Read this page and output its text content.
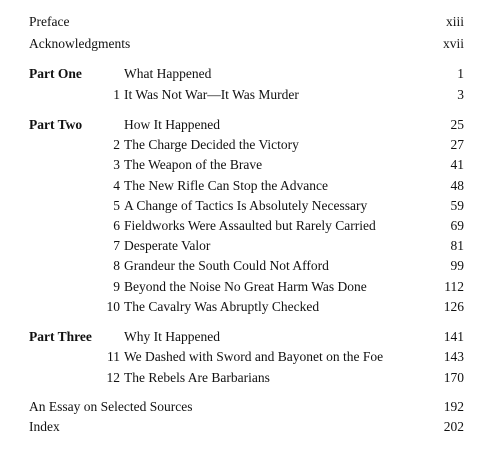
Preface	xiii
Acknowledgments	xvii
Part One	What Happened	1
1 It Was Not War—It Was Murder	3
Part Two	How It Happened	25
2 The Charge Decided the Victory	27
3 The Weapon of the Brave	41
4 The New Rifle Can Stop the Advance	48
5 A Change of Tactics Is Absolutely Necessary	59
6 Fieldworks Were Assaulted but Rarely Carried	69
7 Desperate Valor	81
8 Grandeur the South Could Not Afford	99
9 Beyond the Noise No Great Harm Was Done	112
10 The Cavalry Was Abruptly Checked	126
Part Three Why It Happened	141
11 We Dashed with Sword and Bayonet on the Foe	143
12 The Rebels Are Barbarians	170
An Essay on Selected Sources	192
Index	202
